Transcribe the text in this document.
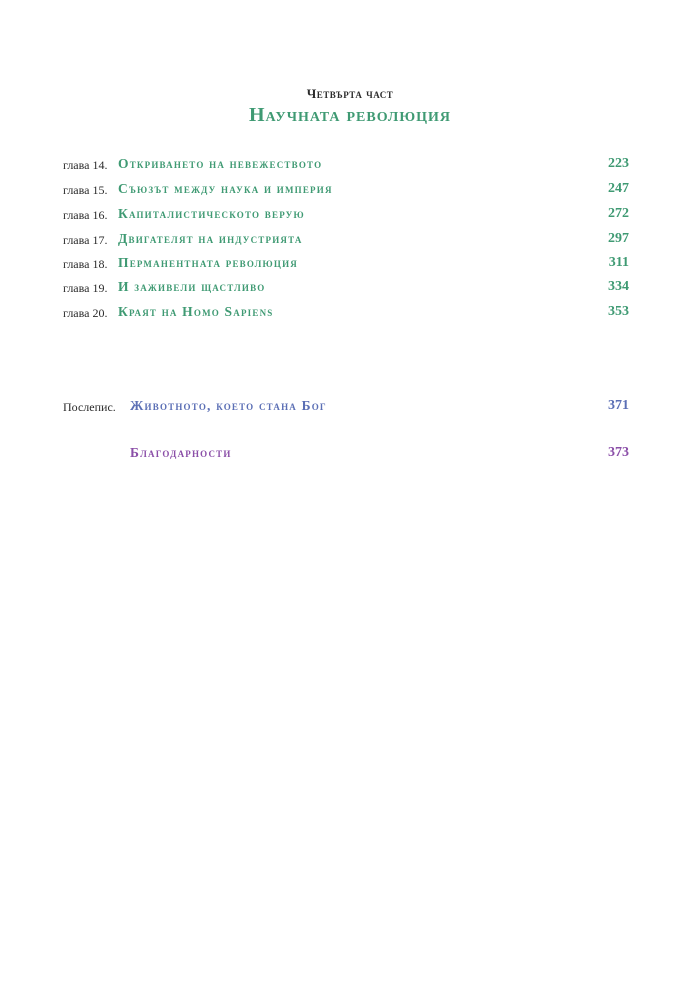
Четвърта част
Научната революция
глава 14. Откриването на невежеството	223
глава 15. Съюзът между наука и империя	247
глава 16. Капиталистическото верую	272
глава 17. Двигателят на индустрията	297
глава 18. Перманентната революция	311
глава 19. И заживели щастливо	334
глава 20. Краят на Homo Sapiens	353
Послепис. Животното, което стана Бог	371
Благодарности	373
